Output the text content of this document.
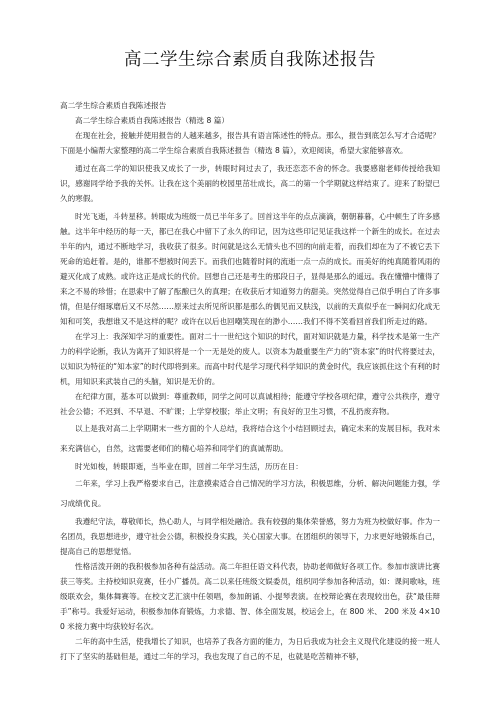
高二学生综合素质自我陈述报告

高二学生综合素质自我陈述报告

高二学生综合素质自我陈述报告（精选 8 篇）

在现在社会，接触并使用报告的人越来越多，报告具有语言陈述性的特点。那么，报告到底怎么写才合适呢？下面是小编帮大家整理的高二学生综合素质自我陈述报告（精选 8 篇），欢迎阅读，希望大家能够喜欢。

通过在高二学的知识使我又成长了一步，转眼时间过去了，我还恋恋不舍的怀念。我要感谢老师传授给我知识，感谢同学给予我的关怀。让我在这个美丽的校园里茁壮成长，高二的第一个学期就这样结束了。迎来了盼望已久的寒假。

时光飞逝，斗转星移。转眼成为班级一员已半年多了。回首这半年的点点滴滴，朝朝暮暮，心中顿生了许多感触。这半年中经历的每一天，都已在我心中留下了永久的印记，因为这些印记见证我这样一个新生的成长。在过去半年的内，通过不断地学习，我收获了很多。时间就是这么无情头也不回的向前走着，而我们却在为了不被它丢下死命的追赶着。是的，谁都不想被时间丢下。而我们也随着时间的流逝一点一点的成长。而美好的纯真随着风雨的避灭化成了成熟。或许这正是成长的代价。回想自己还是考生的那段日子，显得是那么的遥远。我在懂懵中懂得了来之不易的珍惜；在思索中了解了酝酿已久的真理；在收获后才知道努力的甜美。突然觉得自己似乎明白了许多事情，但是仔细琢磨后又不尽然……原来过去所见所识都是那么的偶见而又肤浅，以前的天真似乎在一瞬间幻化成无知和可笑，我想谁又不是这样的呢？或许在以后也回嘲笑现在的渺小……我们不得不笑看回首我们所走过的路。

在学习上：我深知学习的重要性。面对二十一世纪这个知识的时代，面对知识就是力量，科学技术是第一生产力的科学论断，我认为离开了知识将是一个一无是处的废人。以资本为最重要生产力的“资本家”的时代将要过去，以知识为特征的“知本家”的时代即将到来。而高中时代是学习现代科学知识的黄金时代，我应该抓住这个有利的时机，用知识来武装自己的头脑，知识是无价的。

在纪律方面，基本可以做到：尊重教师，同学之间可以真诚相待；能遵守学校各项纪律，遵守公共秩序，遵守社会公德；不迟到、不早退、不旷课；上学穿校服；举止文明；有良好的卫生习惯，不乱扔废弃物。

以上是我对高二上学期期末一些方面的个人总结，我将结合这个小结回顾过去，确定未来的发展目标，我对未来充满信心，自然，这需要老师们的精心培养和同学们的真诚帮助。

时光如梭，转眼即逝，当毕业在即，回首二年学习生活，历历在目：

二年来，学习上我严格要求自己，注意摸索适合自己情况的学习方法，积极思维，分析、解决问题能力强，学习成绩优良。

我遵纪守法，尊敬师长，热心助人，与同学相处融洽。我有较强的集体荣誉感，努力为班为校做好事。作为一名团员，我思想进步，遵守社会公德，积极投身实践，关心国家大事。在团组织的领导下，力求更好地锻炼自己，提高自己的思想觉悟。

性格活泼开朗的我积极参加各种有益活动。高二年担任语文科代表，协助老师做好各项工作。参加市演讲比赛获三等奖。主持校知识竞赛，任小广播员。高二以来任班级文娱委员，组织同学参加各种活动，如：课间歌咏，班级联欢会，集体舞赛等。在校文艺汇演中任领唱，参加朗诵、小提琴表演。在校辩论赛在表现较出色，获“最佳辩手”称号。我爱好运动，积极参加体育锻炼，力求德、智、体全面发展，校运会上，在 800 米、 200 米及 4×100 米接力赛中均获较好名次。

二年的高中生活，使我增长了知识，也培养了我各方面的能力，为日后我成为社会主义现代化建设的接一班人打下了坚实的基础但是，通过二年的学习，我也发现了自己的不足，也就是吃苦精神不够，
